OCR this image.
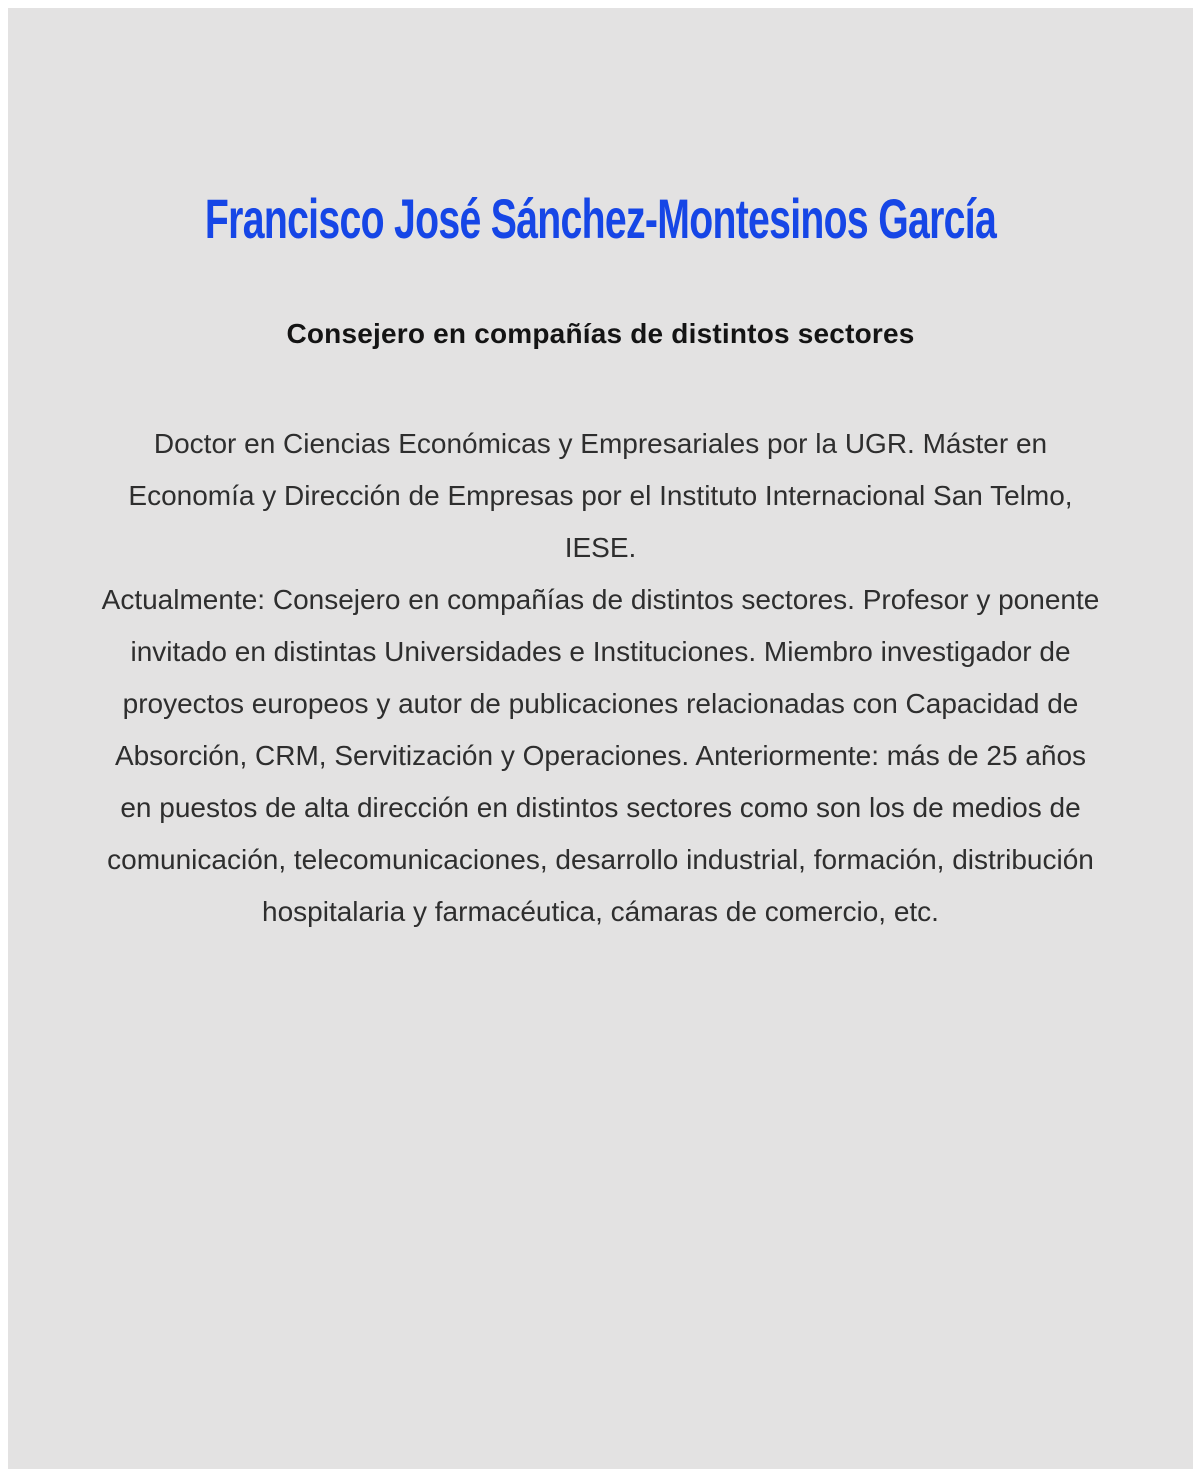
Francisco José Sánchez-Montesinos García
Consejero en compañías de distintos sectores

Doctor en Ciencias Económicas y Empresariales por la UGR. Máster en Economía y Dirección de Empresas por el Instituto Internacional San Telmo, IESE.

Actualmente: Consejero en compañías de distintos sectores. Profesor y ponente invitado en distintas Universidades e Instituciones. Miembro investigador de proyectos europeos y autor de publicaciones relacionadas con Capacidad de Absorción, CRM, Servitización y Operaciones. Anteriormente: más de 25 años en puestos de alta dirección en distintos sectores como son los de medios de comunicación, telecomunicaciones, desarrollo industrial, formación, distribución hospitalaria y farmacéutica, cámaras de comercio, etc.
